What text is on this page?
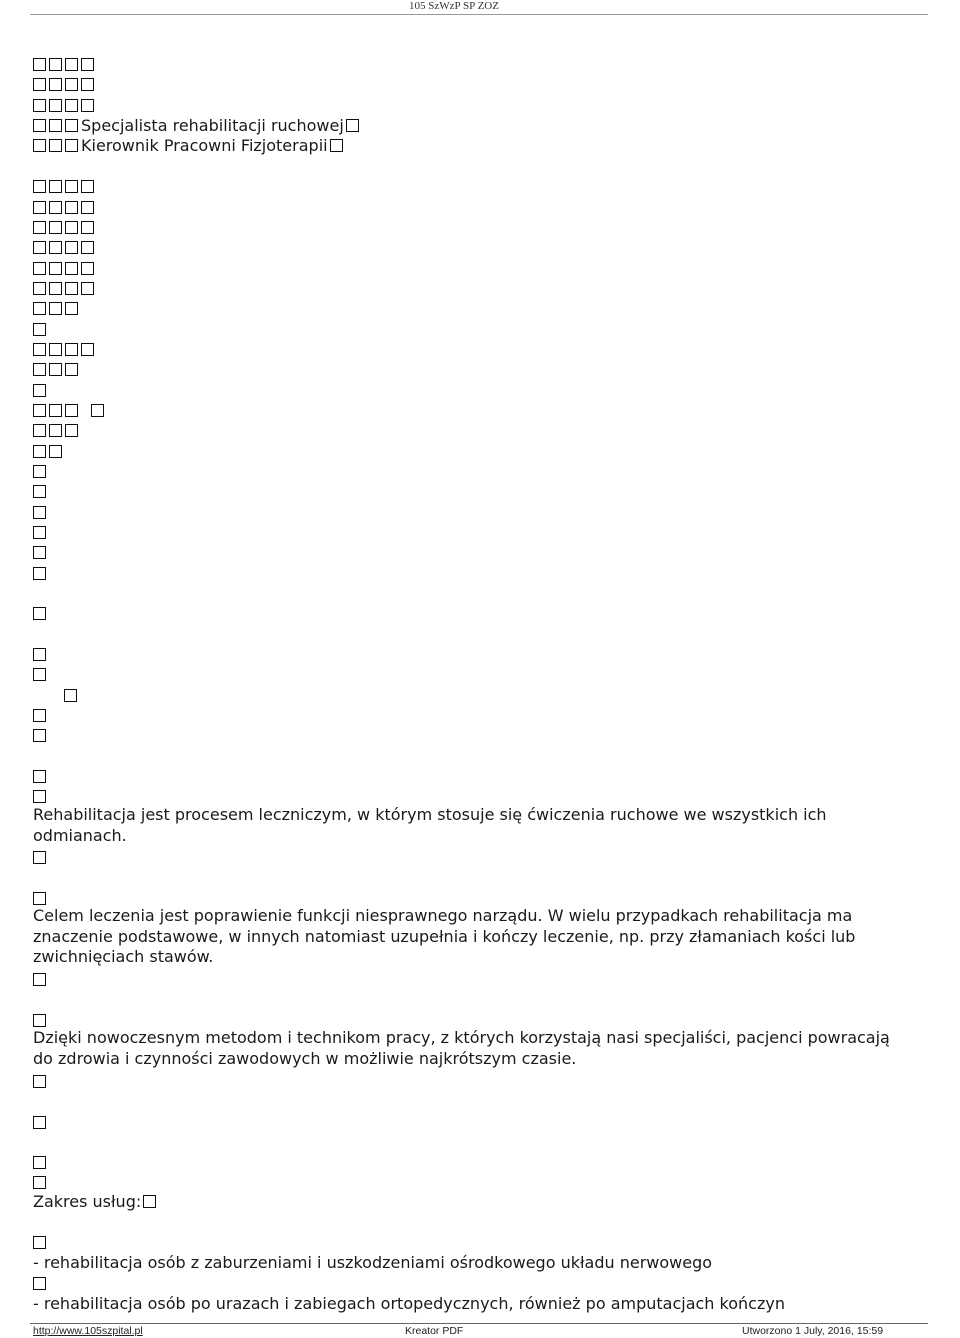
105 SzWzP SP ZOZ
Specjalista rehabilitacji ruchowej
Kierownik Pracowni Fizjoterapii
Rehabilitacja jest procesem leczniczym, w którym stosuje się ćwiczenia ruchowe we wszystkich ich odmianach.
Celem leczenia jest poprawienie funkcji niesprawnego narządu. W wielu przypadkach rehabilitacja ma znaczenie podstawowe, w innych natomiast uzupełnia i kończy leczenie, np. przy złamaniach kości lub zwichnięciach stawów.
Dzięki nowoczesnym metodom i technikom pracy, z których korzystają nasi specjaliści, pacjenci powracają do zdrowia i czynności zawodowych w możliwie najkrótszym czasie.
Zakres usług:
- rehabilitacja osób z zaburzeniami i uszkodzeniami ośrodkowego układu nerwowego
- rehabilitacja osób po urazach i zabiegach ortopedycznych, również po amputacjach kończyn
http://www.105szpital.pl	Kreator PDF	Utworzono 1 July, 2016, 15:59
